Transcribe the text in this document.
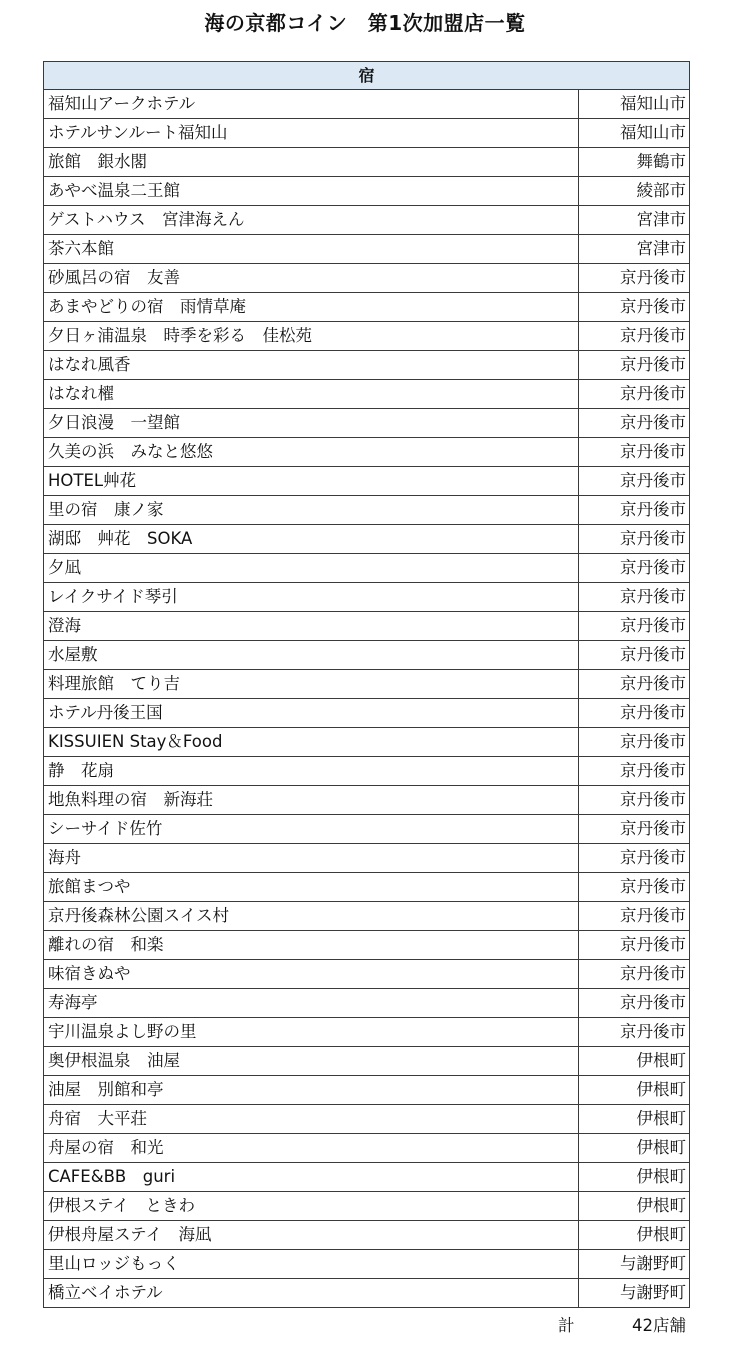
海の京都コイン　第1次加盟店一覧
宿	
福知山アークホテル	福知山市
ホテルサンルート福知山	福知山市
旅館　銀水閣	舞鶴市
あやべ温泉二王館	綾部市
ゲストハウス　宮津海えん	宮津市
茶六本館	宮津市
砂風呂の宿　友善	京丹後市
あまやどりの宿　雨情草庵	京丹後市
夕日ヶ浦温泉　時季を彩る　佳松苑	京丹後市
はなれ風香	京丹後市
はなれ櫂	京丹後市
夕日浪漫　一望館	京丹後市
久美の浜　みなと悠悠	京丹後市
HOTEL艸花	京丹後市
里の宿　康ノ家	京丹後市
湖邸　艸花　SOKA	京丹後市
夕凪	京丹後市
レイクサイド琴引	京丹後市
澄海	京丹後市
水屋敷	京丹後市
料理旅館　てり吉	京丹後市
ホテル丹後王国	京丹後市
KISSUIEN Stay＆Food	京丹後市
静　花扇	京丹後市
地魚料理の宿　新海荘	京丹後市
シーサイド佐竹	京丹後市
海舟	京丹後市
旅館まつや	京丹後市
京丹後森林公園スイス村	京丹後市
離れの宿　和楽	京丹後市
味宿きぬや	京丹後市
寿海亭	京丹後市
宇川温泉よし野の里	京丹後市
奥伊根温泉　油屋	伊根町
油屋　別館和亭	伊根町
舟宿　大平荘	伊根町
舟屋の宿　和光	伊根町
CAFE&BB　guri	伊根町
伊根ステイ　ときわ	伊根町
伊根舟屋ステイ　海凪	伊根町
里山ロッジもっく	与謝野町
橋立ベイホテル	与謝野町
計	42店舗
